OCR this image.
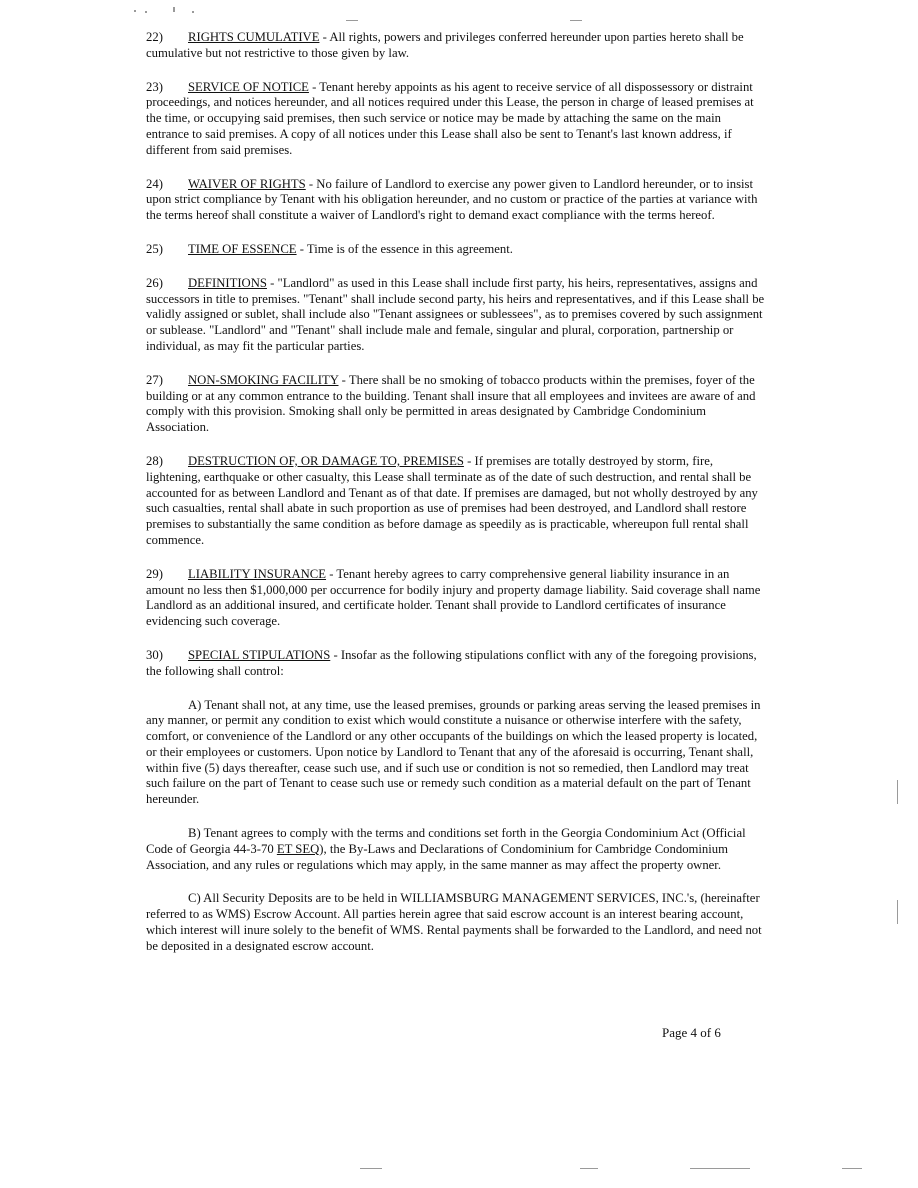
22) RIGHTS CUMULATIVE - All rights, powers and privileges conferred hereunder upon parties hereto shall be cumulative but not restrictive to those given by law.

23) SERVICE OF NOTICE - Tenant hereby appoints as his agent to receive service of all dispossessory or distraint proceedings, and notices hereunder, and all notices required under this Lease, the person in charge of leased premises at the time, or occupying said premises, then such service or notice may be made by attaching the same on the main entrance to said premises. A copy of all notices under this Lease shall also be sent to Tenant's last known address, if different from said premises.

24) WAIVER OF RIGHTS - No failure of Landlord to exercise any power given to Landlord hereunder, or to insist upon strict compliance by Tenant with his obligation hereunder, and no custom or practice of the parties at variance with the terms hereof shall constitute a waiver of Landlord's right to demand exact compliance with the terms hereof.

25) TIME OF ESSENCE - Time is of the essence in this agreement.

26) DEFINITIONS - "Landlord" as used in this Lease shall include first party, his heirs, representatives, assigns and successors in title to premises. "Tenant" shall include second party, his heirs and representatives, and if this Lease shall be validly assigned or sublet, shall include also "Tenant assignees or sublessees", as to premises covered by such assignment or sublease. "Landlord" and "Tenant" shall include male and female, singular and plural, corporation, partnership or individual, as may fit the particular parties.

27) NON-SMOKING FACILITY - There shall be no smoking of tobacco products within the premises, foyer of the building or at any common entrance to the building. Tenant shall insure that all employees and invitees are aware of and comply with this provision. Smoking shall only be permitted in areas designated by Cambridge Condominium Association.

28) DESTRUCTION OF, OR DAMAGE TO, PREMISES - If premises are totally destroyed by storm, fire, lightening, earthquake or other casualty, this Lease shall terminate as of the date of such destruction, and rental shall be accounted for as between Landlord and Tenant as of that date. If premises are damaged, but not wholly destroyed by any such casualties, rental shall abate in such proportion as use of premises had been destroyed, and Landlord shall restore premises to substantially the same condition as before damage as speedily as is practicable, whereupon full rental shall commence.

29) LIABILITY INSURANCE - Tenant hereby agrees to carry comprehensive general liability insurance in an amount no less then $1,000,000 per occurrence for bodily injury and property damage liability. Said coverage shall name Landlord as an additional insured, and certificate holder. Tenant shall provide to Landlord certificates of insurance evidencing such coverage.

30) SPECIAL STIPULATIONS - Insofar as the following stipulations conflict with any of the foregoing provisions, the following shall control:

A) Tenant shall not, at any time, use the leased premises, grounds or parking areas serving the leased premises in any manner, or permit any condition to exist which would constitute a nuisance or otherwise interfere with the safety, comfort, or convenience of the Landlord or any other occupants of the buildings on which the leased property is located, or their employees or customers. Upon notice by Landlord to Tenant that any of the aforesaid is occurring, Tenant shall, within five (5) days thereafter, cease such use, and if such use or condition is not so remedied, then Landlord may treat such failure on the part of Tenant to cease such use or remedy such condition as a material default on the part of Tenant hereunder.

B) Tenant agrees to comply with the terms and conditions set forth in the Georgia Condominium Act (Official Code of Georgia 44-3-70 ET SEQ), the By-Laws and Declarations of Condominium for Cambridge Condominium Association, and any rules or regulations which may apply, in the same manner as may affect the property owner.

C) All Security Deposits are to be held in WILLIAMSBURG MANAGEMENT SERVICES, INC.'s, (hereinafter referred to as WMS) Escrow Account. All parties herein agree that said escrow account is an interest bearing account, which interest will inure solely to the benefit of WMS. Rental payments shall be forwarded to the Landlord, and need not be deposited in a designated escrow account.

Page 4 of 6
